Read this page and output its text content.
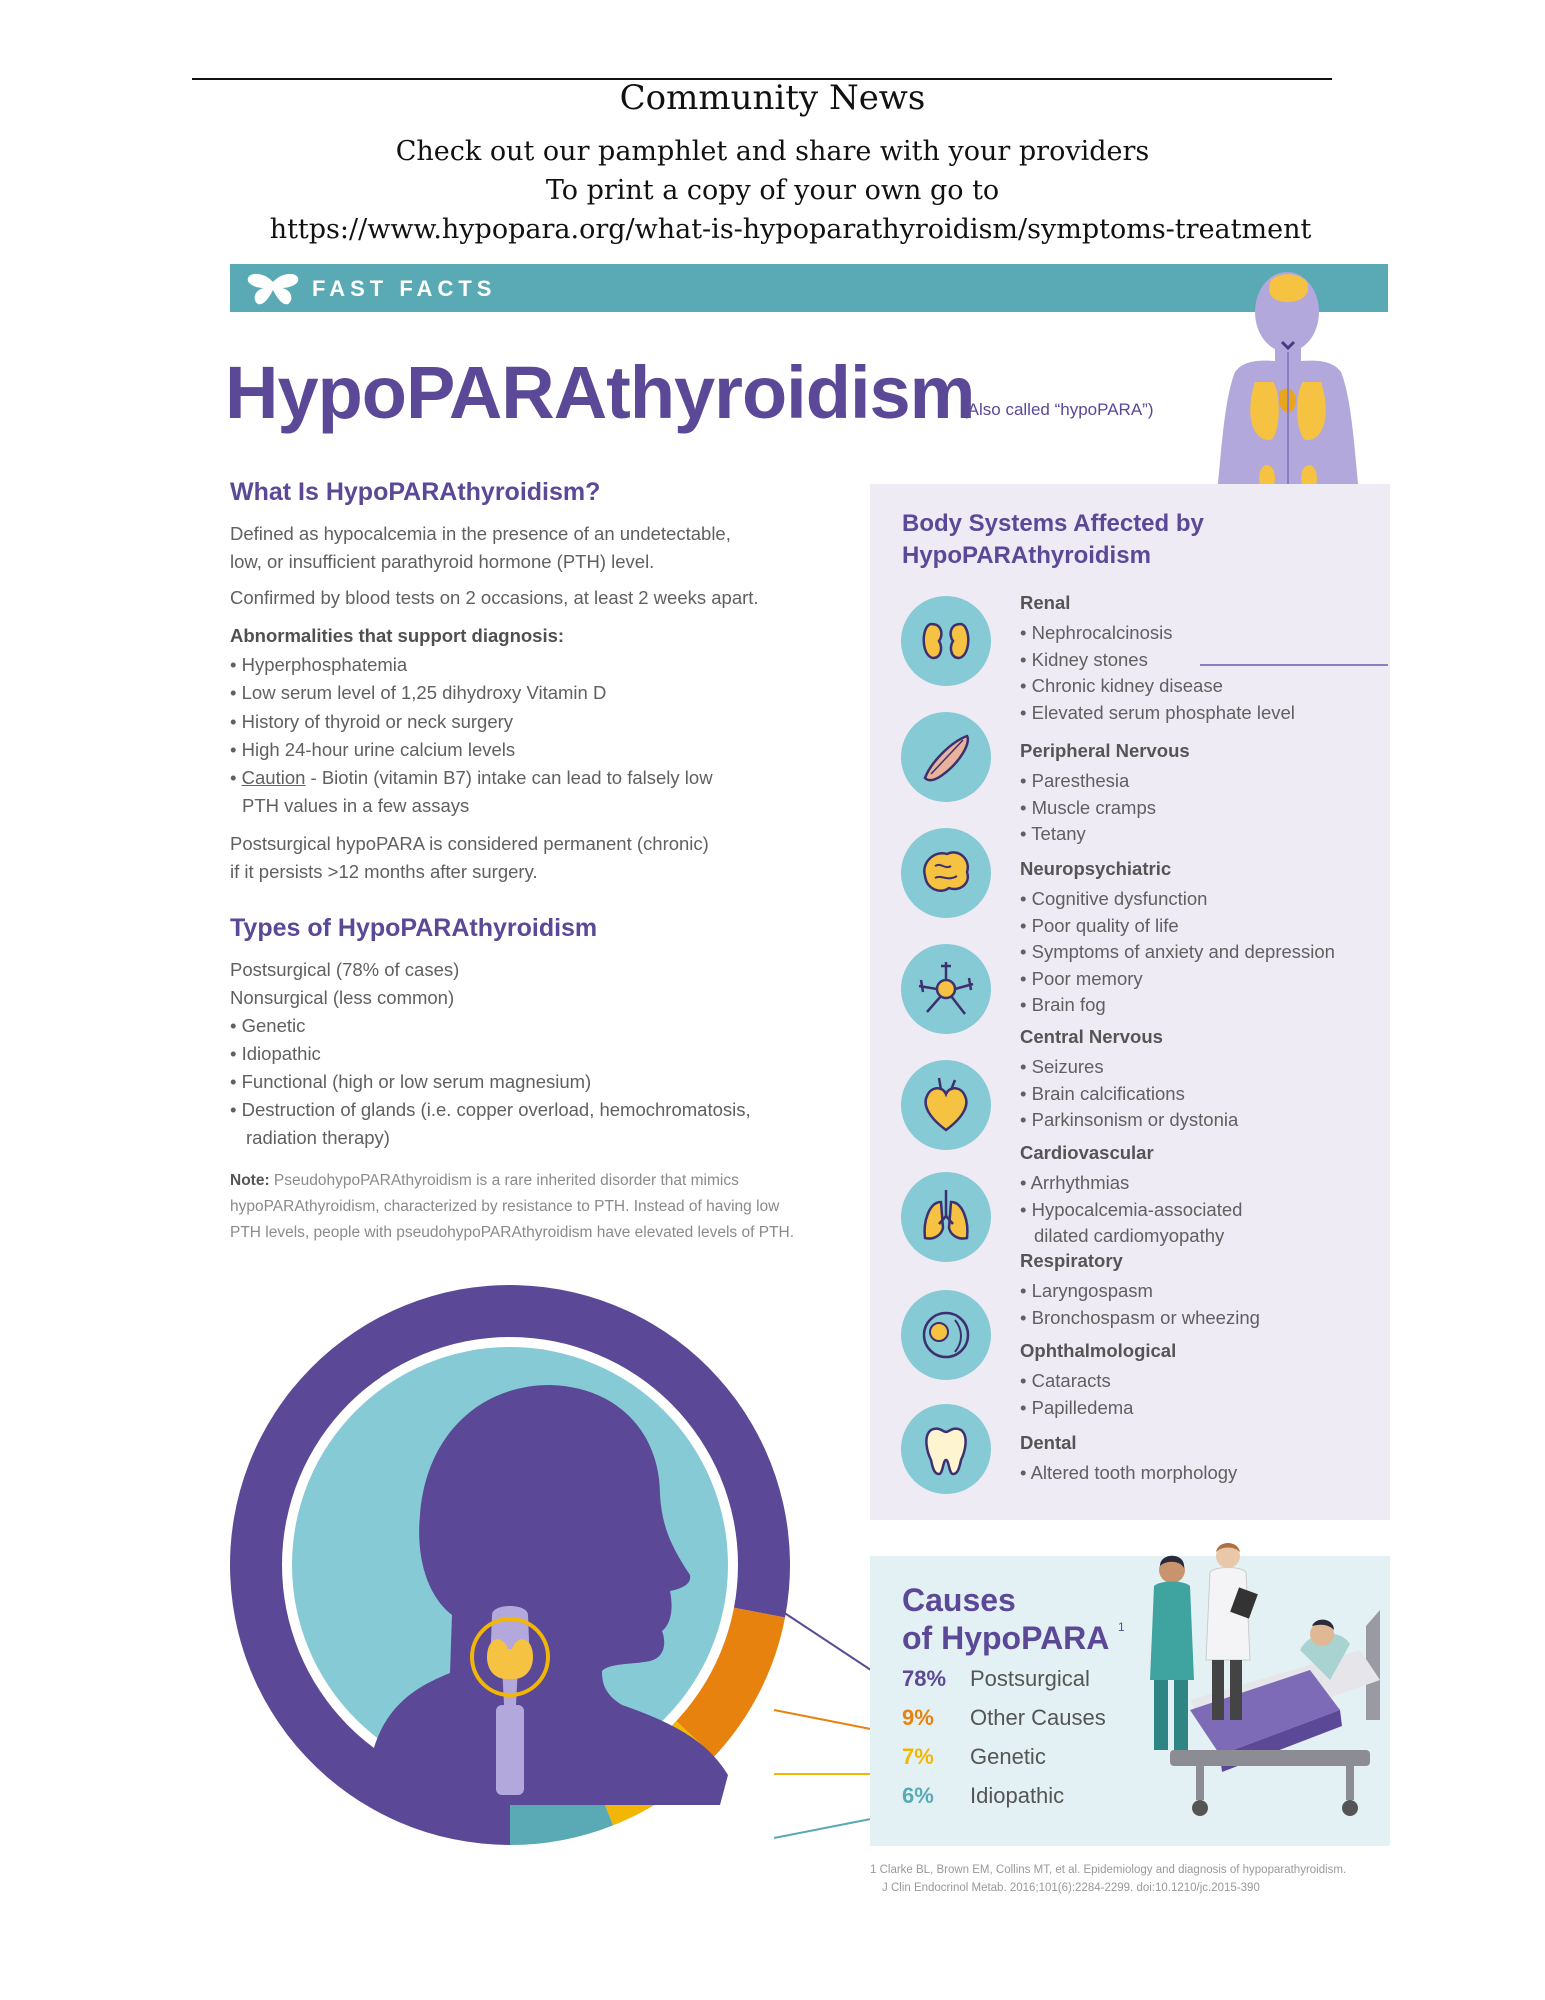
Community News
Check out our pamphlet and share with your providers
To print a copy of your own go to
https://www.hypopara.org/what-is-hypoparathyroidism/symptoms-treatment
FAST FACTS
HypoPARAthyroidism
(Also called “hypoPARA”)
What Is HypoPARAthyroidism?
Defined as hypocalcemia in the presence of an undetectable,
low, or insufficient parathyroid hormone (PTH) level.
Confirmed by blood tests on 2 occasions, at least 2 weeks apart.
Abnormalities that support diagnosis:
• Hyperphosphatemia
• Low serum level of 1,25 dihydroxy Vitamin D
• History of thyroid or neck surgery
• High 24-hour urine calcium levels
• Caution - Biotin (vitamin B7) intake can lead to falsely low
PTH values in a few assays
Postsurgical hypoPARA is considered permanent (chronic)
if it persists >12 months after surgery.
Types of HypoPARAthyroidism
Postsurgical (78% of cases)
Nonsurgical (less common)
• Genetic
• Idiopathic
• Functional (high or low serum magnesium)
• Destruction of glands (i.e. copper overload, hemochromatosis,
radiation therapy)
Note: PseudohypoPARAthyroidism is a rare inherited disorder that mimics
hypoPARAthyroidism, characterized by resistance to PTH. Instead of having low
PTH levels, people with pseudohypoPARAthyroidism have elevated levels of PTH.
Body Systems Affected by
HypoPARAthyroidism
Renal
• Nephrocalcinosis
• Kidney stones
• Chronic kidney disease
• Elevated serum phosphate level
Peripheral Nervous
• Paresthesia
• Muscle cramps
• Tetany
Neuropsychiatric
• Cognitive dysfunction
• Poor quality of life
• Symptoms of anxiety and depression
• Poor memory
• Brain fog
Central Nervous
• Seizures
• Brain calcifications
• Parkinsonism or dystonia
Cardiovascular
• Arrhythmias
• Hypocalcemia-associated
dilated cardiomyopathy
Respiratory
• Laryngospasm
• Bronchospasm or wheezing
Ophthalmological
• Cataracts
• Papilledema
Dental
• Altered tooth morphology
Causes
of HypoPARA 1
78% Postsurgical
9% Other Causes
7% Genetic
6% Idiopathic
1 Clarke BL, Brown EM, Collins MT, et al. Epidemiology and diagnosis of hypoparathyroidism.
J Clin Endocrinol Metab. 2016;101(6):2284-2299. doi:10.1210/jc.2015-390
